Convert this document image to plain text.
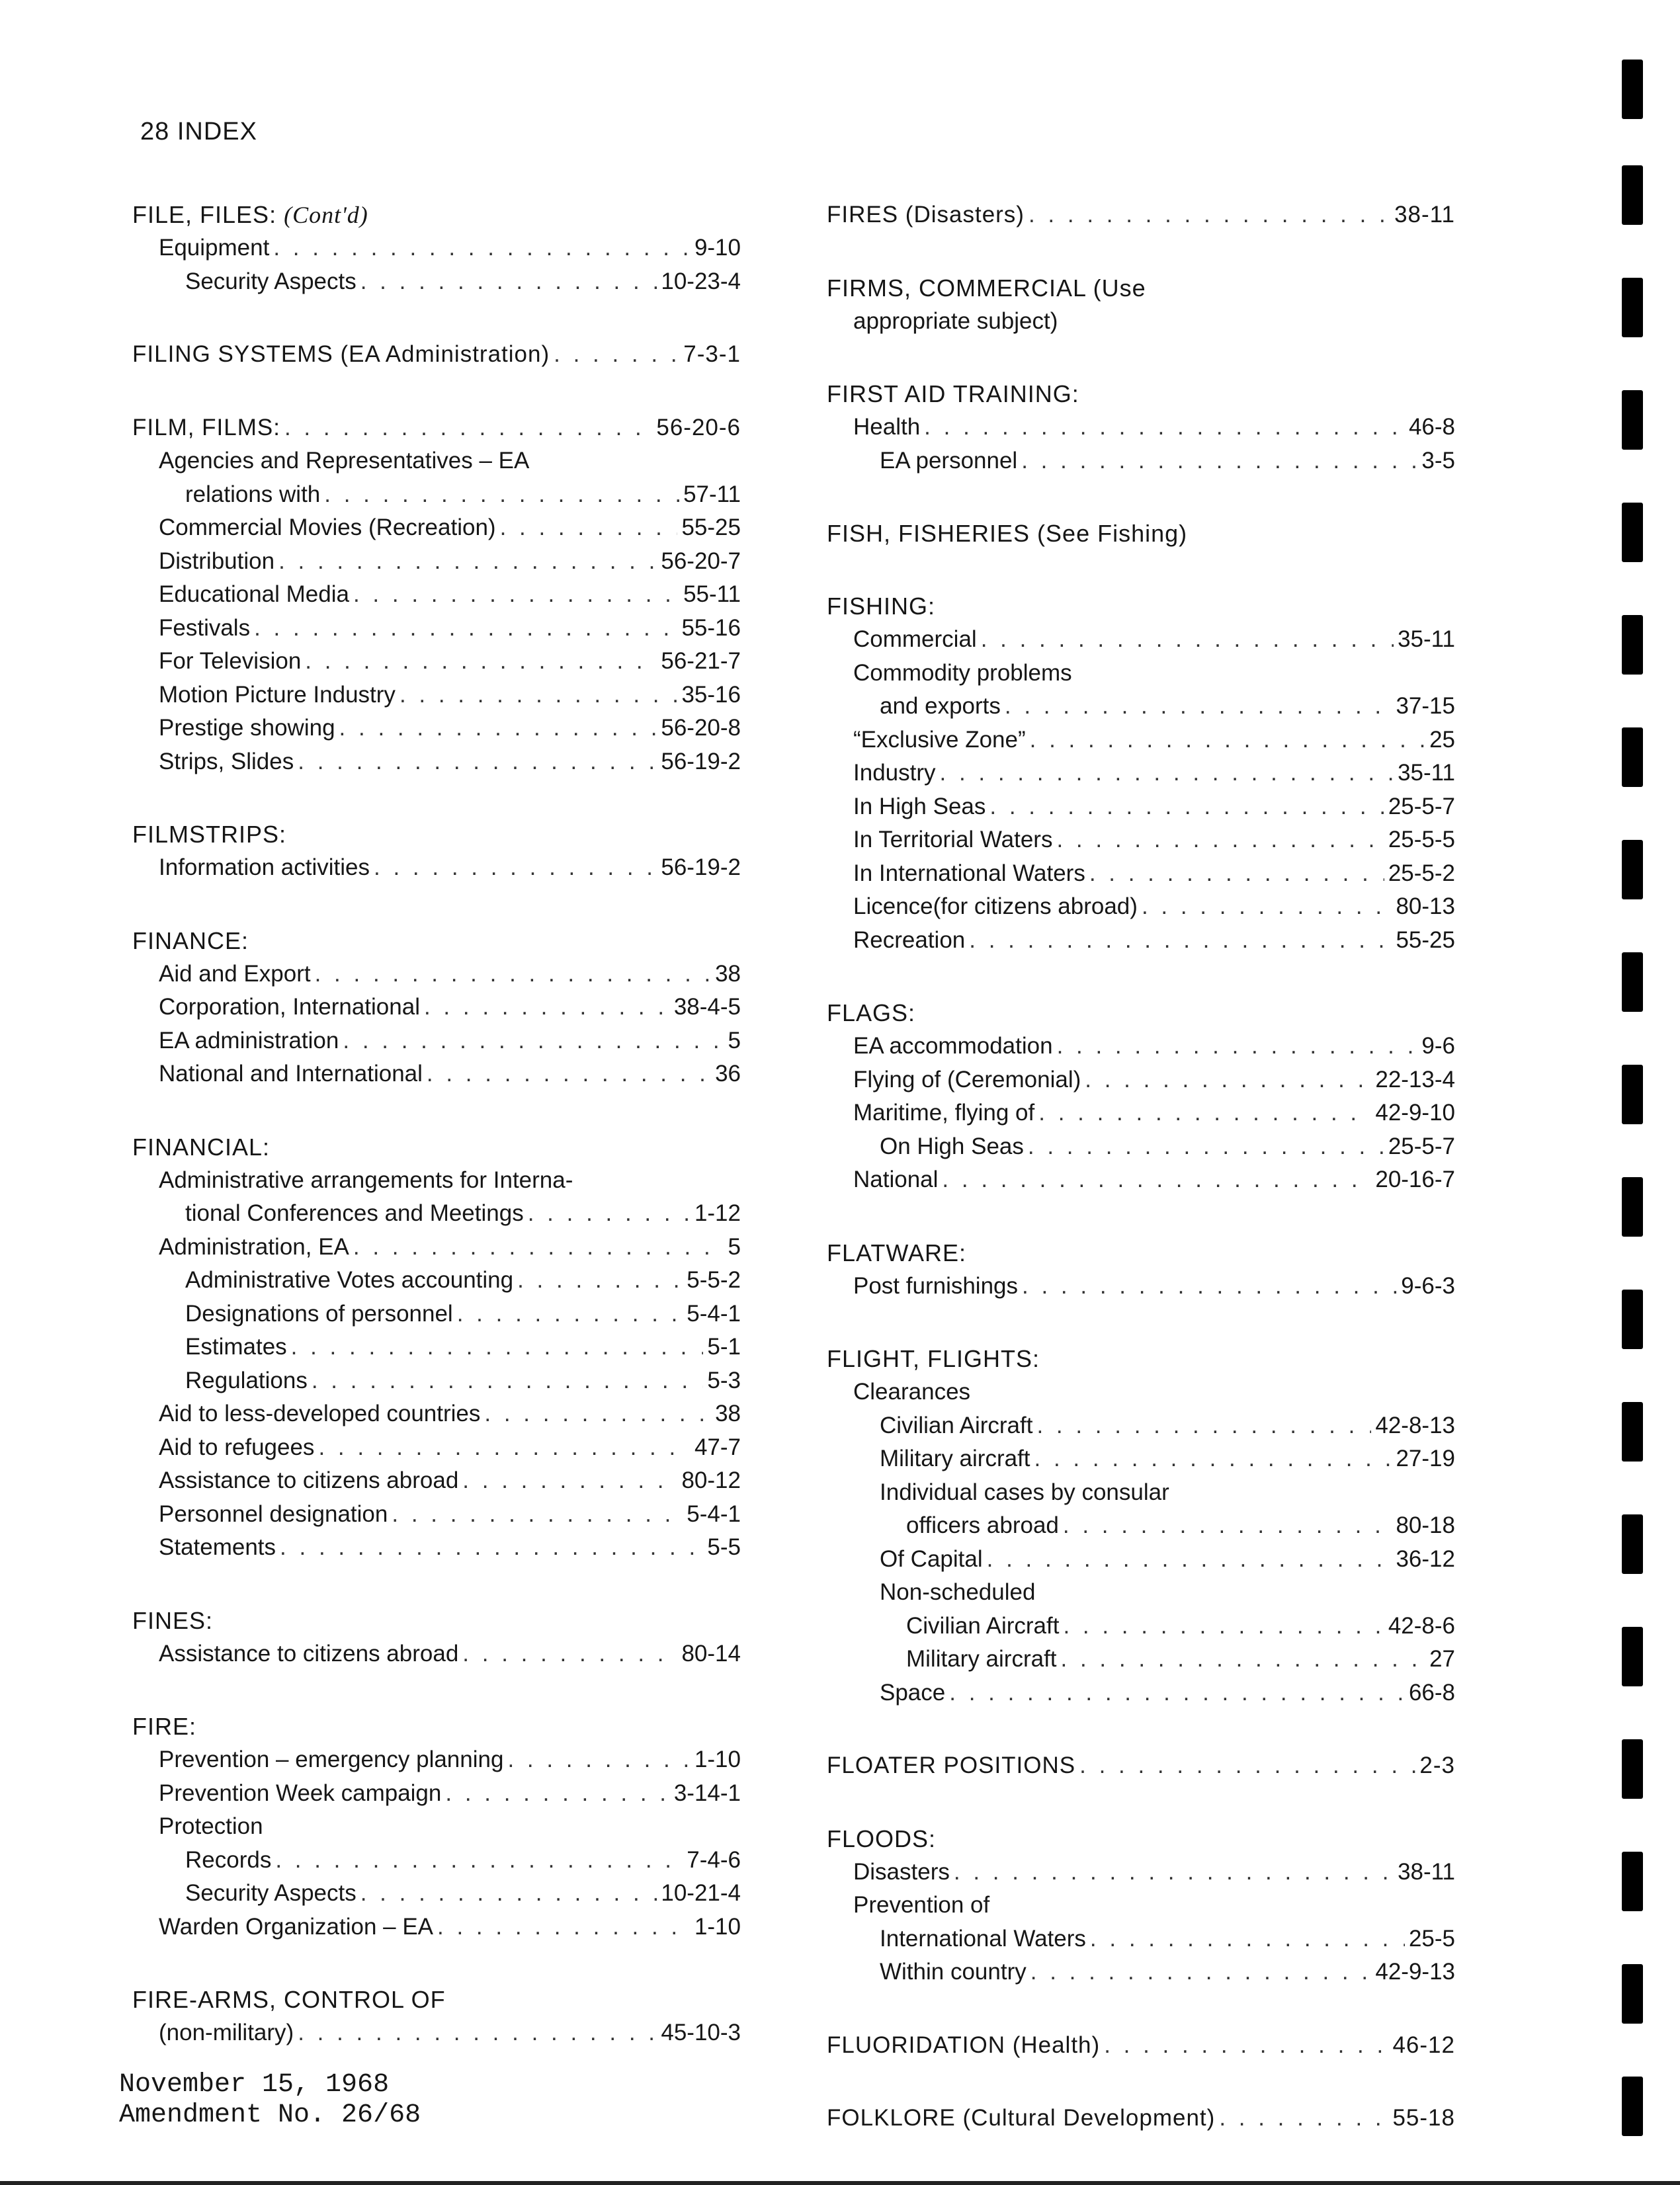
28 INDEX
FILE, FILES: (Cont'd)
Equipment . . .	9-10
Security Aspects . . .	10-23-4
FILING SYSTEMS (EA Administration) . . .	7-3-1
FILM, FILMS: . . .	56-20-6
Agencies and Representatives – EA
relations with . . .	57-11
Commercial Movies (Recreation) . . .	55-25
Distribution . . .	56-20-7
Educational Media . . .	55-11
Festivals . . .	55-16
For Television . . .	56-21-7
Motion Picture Industry . . .	35-16
Prestige showing . . .	56-20-8
Strips, Slides . . .	56-19-2
FILMSTRIPS:
Information activities . . .	56-19-2
FINANCE:
Aid and Export . . .	38
Corporation, International . . .	38-4-5
EA administration . . .	5
National and International . . .	36
FINANCIAL:
Administrative arrangements for Interna-
tional Conferences and Meetings . . .	1-12
Administration, EA . . .	5
Administrative Votes accounting . . .	5-5-2
Designations of personnel . . .	5-4-1
Estimates . . .	5-1
Regulations . . .	5-3
Aid to less-developed countries . . .	38
Aid to refugees . . .	47-7
Assistance to citizens abroad . . .	80-12
Personnel designation . . .	5-4-1
Statements . . .	5-5
FINES:
Assistance to citizens abroad . . .	80-14
FIRE:
Prevention – emergency planning . . .	1-10
Prevention Week campaign . . .	3-14-1
Protection
Records . . .	7-4-6
Security Aspects . . .	10-21-4
Warden Organization – EA . . .	1-10
FIRE-ARMS, CONTROL OF
(non-military) . . .	45-10-3
FIRES (Disasters) . . .	38-11
FIRMS, COMMERCIAL (Use
appropriate subject)
FIRST AID TRAINING:
Health . . .	46-8
EA personnel . . .	3-5
FISH, FISHERIES (See Fishing)
FISHING:
Commercial . . .	35-11
Commodity problems
and exports . . .	37-15
“Exclusive Zone” . . .	25
Industry . . .	35-11
In High Seas . . .	25-5-7
In Territorial Waters . . .	25-5-5
In International Waters . . .	25-5-2
Licence(for citizens abroad) . . .	80-13
Recreation . . .	55-25
FLAGS:
EA accommodation . . .	9-6
Flying of (Ceremonial) . . .	22-13-4
Maritime, flying of . . .	42-9-10
On High Seas . . .	25-5-7
National . . .	20-16-7
FLATWARE:
Post furnishings . . .	9-6-3
FLIGHT, FLIGHTS:
Clearances
Civilian Aircraft . . .	42-8-13
Military aircraft . . .	27-19
Individual cases by consular
officers abroad . . .	80-18
Of Capital . . .	36-12
Non-scheduled
Civilian Aircraft . . .	42-8-6
Military aircraft . . .	27
Space . . .	66-8
FLOATER POSITIONS . . .	2-3
FLOODS:
Disasters . . .	38-11
Prevention of
International Waters . . .	25-5
Within country . . .	42-9-13
FLUORIDATION (Health) . . .	46-12
FOLKLORE (Cultural Development) . . .	55-18
November 15, 1968
Amendment No. 26/68
